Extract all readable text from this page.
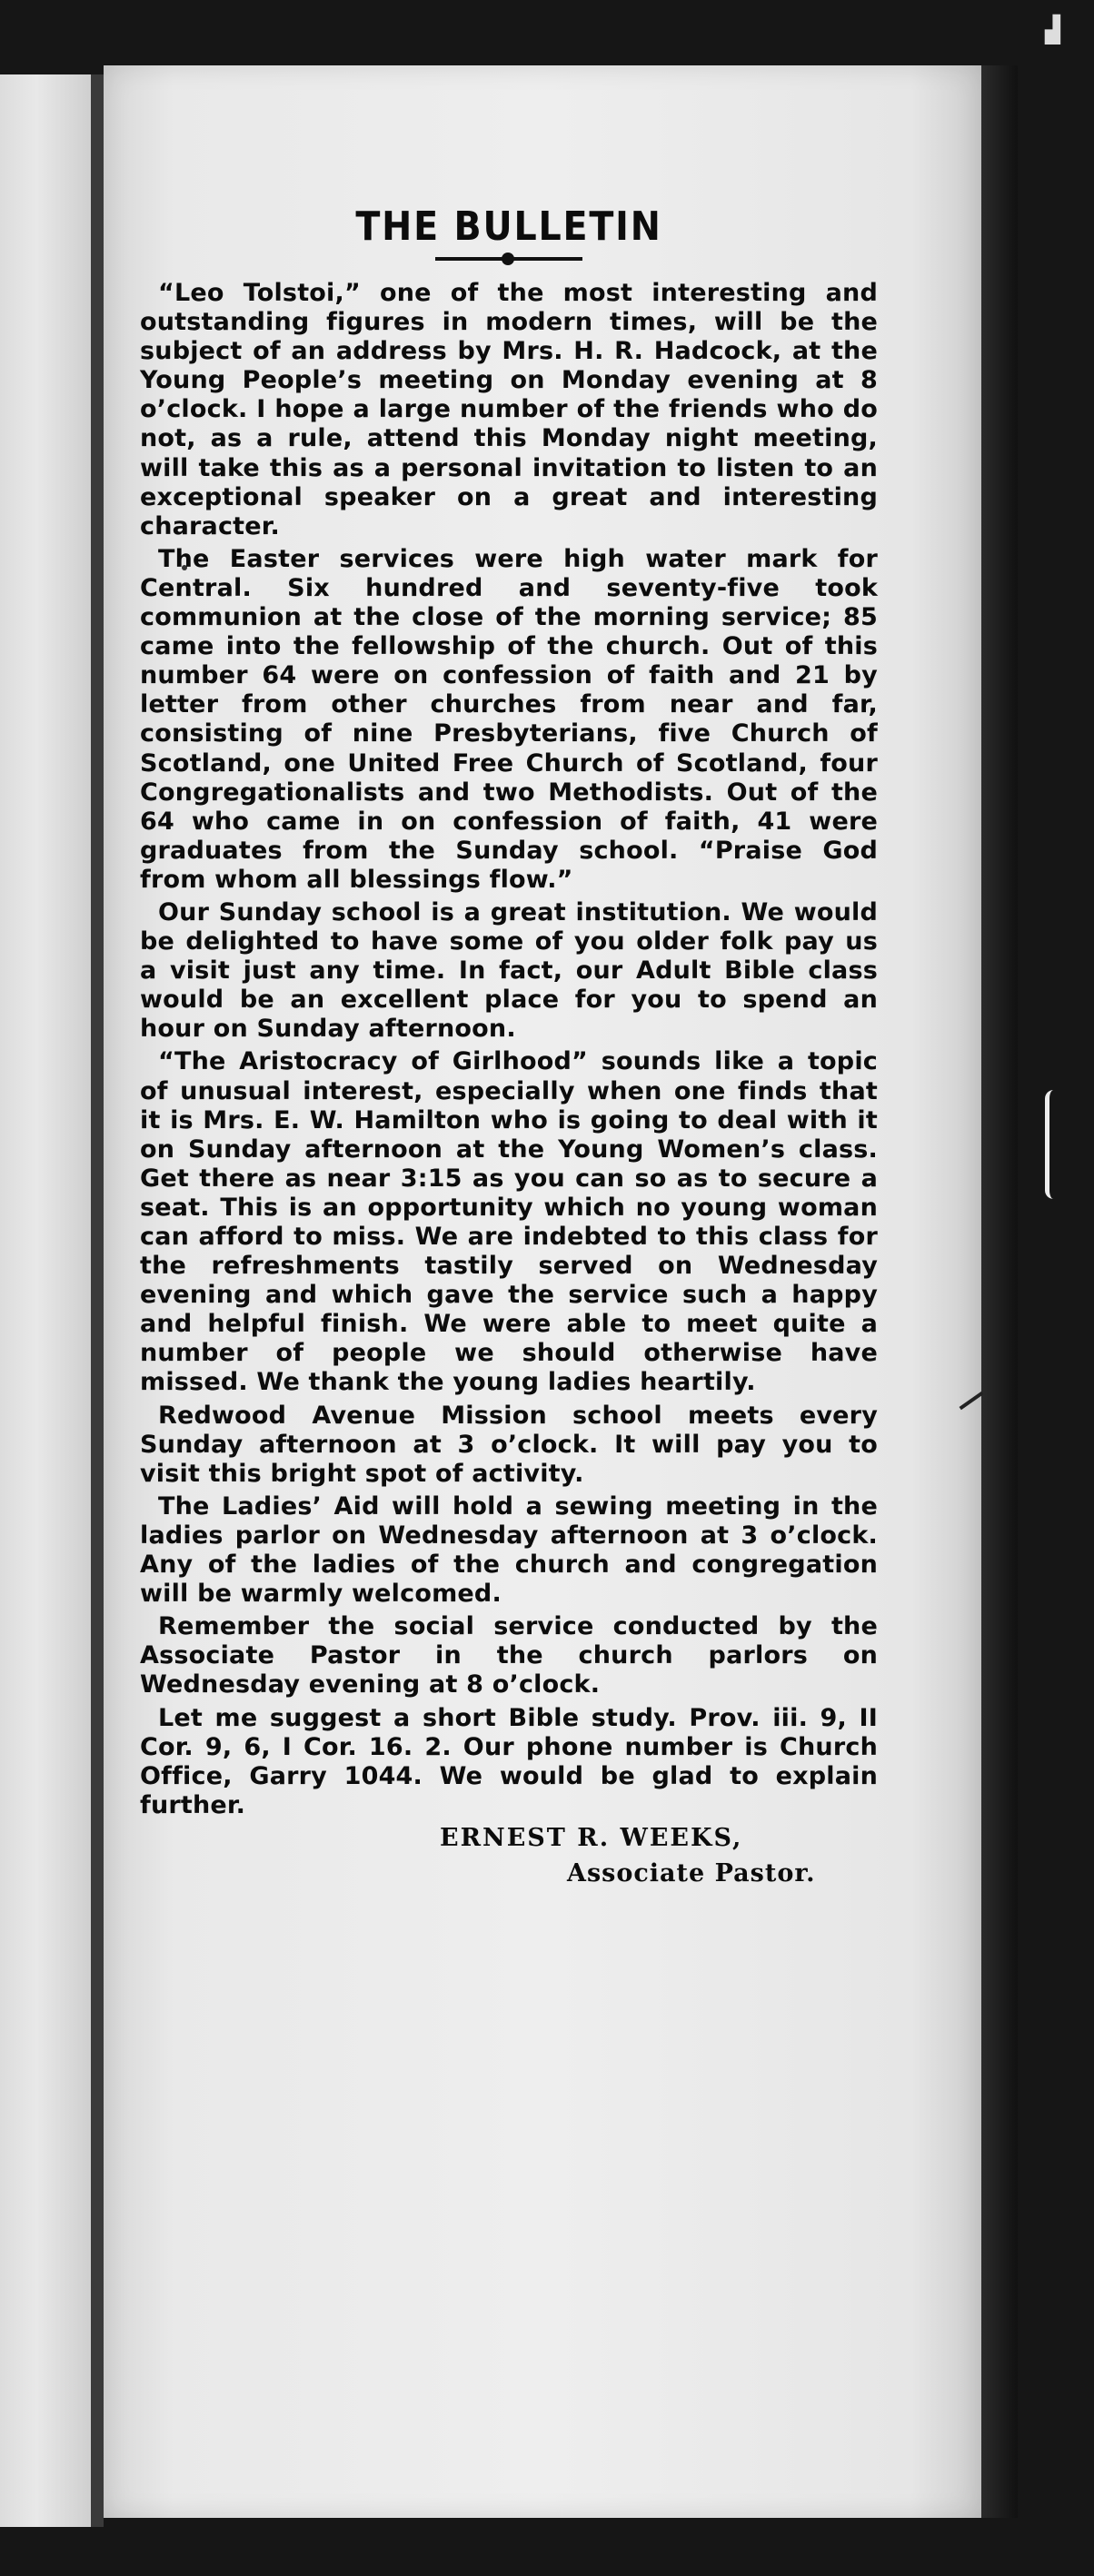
▟
THE BULLETIN

“Leo Tolstoi,” one of the most interesting and outstanding figures in modern times, will be the subject of an address by Mrs. H. R. Hadcock, at the Young People’s meeting on Monday evening at 8 o’clock. I hope a large number of the friends who do not, as a rule, attend this Monday night meeting, will take this as a personal invitation to listen to an exceptional speaker on a great and interesting character.

The Easter services were high water mark for Central. Six hundred and seventy-five took communion at the close of the morning service; 85 came into the fellowship of the church. Out of this number 64 were on confession of faith and 21 by letter from other churches from near and far, consisting of nine Presbyterians, five Church of Scotland, one United Free Church of Scotland, four Congregationalists and two Methodists. Out of the 64 who came in on confession of faith, 41 were graduates from the Sunday school. “Praise God from whom all blessings flow.”

Our Sunday school is a great institution. We would be delighted to have some of you older folk pay us a visit just any time. In fact, our Adult Bible class would be an excellent place for you to spend an hour on Sunday afternoon.

“The Aristocracy of Girlhood” sounds like a topic of unusual interest, especially when one finds that it is Mrs. E. W. Hamilton who is going to deal with it on Sunday afternoon at the Young Women’s class. Get there as near 3:15 as you can so as to secure a seat. This is an opportunity which no young woman can afford to miss. We are indebted to this class for the refreshments tastily served on Wednesday evening and which gave the service such a happy and helpful finish. We were able to meet quite a number of people we should otherwise have missed. We thank the young ladies heartily.

Redwood Avenue Mission school meets every Sunday afternoon at 3 o’clock. It will pay you to visit this bright spot of activity.

The Ladies’ Aid will hold a sewing meeting in the ladies parlor on Wednesday afternoon at 3 o’clock. Any of the ladies of the church and congregation will be warmly welcomed.

Remember the social service conducted by the Associate Pastor in the church parlors on Wednesday evening at 8 o’clock.

Let me suggest a short Bible study. Prov. iii. 9, II Cor. 9, 6, I Cor. 16. 2. Our phone number is Church Office, Garry 1044. We would be glad to explain further.

ERNEST R. WEEKS,
Associate Pastor.
